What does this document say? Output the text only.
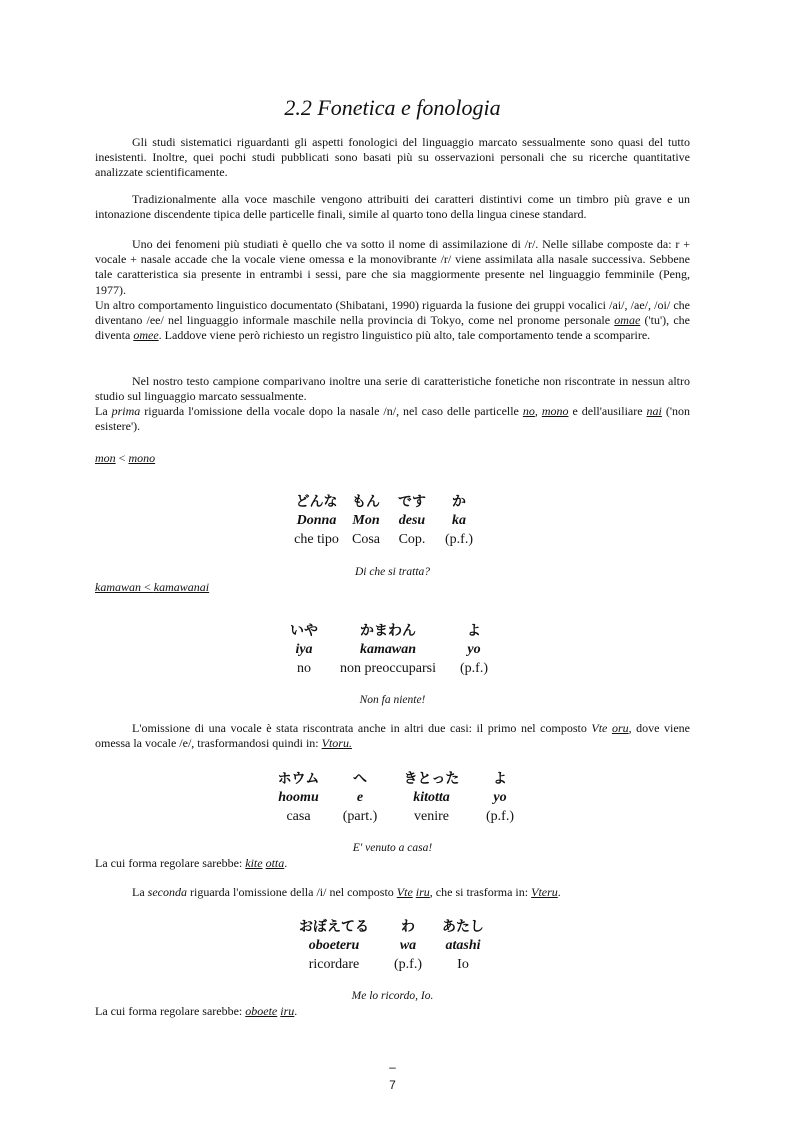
2.2 Fonetica e fonologia

Gli studi sistematici riguardanti gli aspetti fonologici del linguaggio marcato sessualmente sono quasi del tutto inesistenti. Inoltre, quei pochi studi pubblicati sono basati più su osservazioni personali che su ricerche quantitative analizzate scientificamente.

Tradizionalmente alla voce maschile vengono attribuiti dei caratteri distintivi come un timbro più grave e un intonazione discendente tipica delle particelle finali, simile al quarto tono della lingua cinese standard.

Uno dei fenomeni più studiati è quello che va sotto il nome di assimilazione di /r/. Nelle sillabe composte da: r + vocale + nasale accade che la vocale viene omessa e la monovibrante /r/ viene assimilata alla nasale successiva. Sebbene tale caratteristica sia presente in entrambi i sessi, pare che sia maggiormente presente nel linguaggio femminile (Peng, 1977).

Un altro comportamento linguistico documentato (Shibatani, 1990) riguarda la fusione dei gruppi vocalici /ai/, /ae/, /oi/ che diventano /ee/ nel linguaggio informale maschile nella provincia di Tokyo, come nel pronome personale omae ('tu'), che diventa omee. Laddove viene però richiesto un registro linguistico più alto, tale comportamento tende a scomparire.

Nel nostro testo campione comparivano inoltre una serie di caratteristiche fonetiche non riscontrate in nessun altro studio sul linguaggio marcato sessualmente.

La prima riguarda l'omissione della vocale dopo la nasale /n/, nel caso delle particelle no, mono e dell'ausiliare nai ('non esistere').

mon < mono
どんな	もん	です	か
Donna	Mon	desu	ka
che tipo	Cosa	Cop.	(p.f.)
Di che si tratta?
kamawan < kamawanai
いや	かまわん	よ
iya	kamawan	yo
no	non preoccuparsi	(p.f.)
Non fa niente!

L'omissione di una vocale è stata riscontrata anche in altri due casi: il primo nel composto Vte oru, dove viene omessa la vocale /e/, trasformandosi quindi in: Vtoru.

ホウム	へ	きとった	よ
hoomu	e	kitotta	yo
casa	(part.)	venire	(p.f.)
E' venuto a casa!
La cui forma regolare sarebbe: kite otta.

La seconda riguarda l'omissione della /i/ nel composto Vte iru, che si trasforma in: Vteru.

おぼえてる	わ	あたし
oboeteru	wa	atashi
ricordare	(p.f.)	Io
Me lo ricordo, Io.
La cui forma regolare sarebbe: oboete iru.
–
7
